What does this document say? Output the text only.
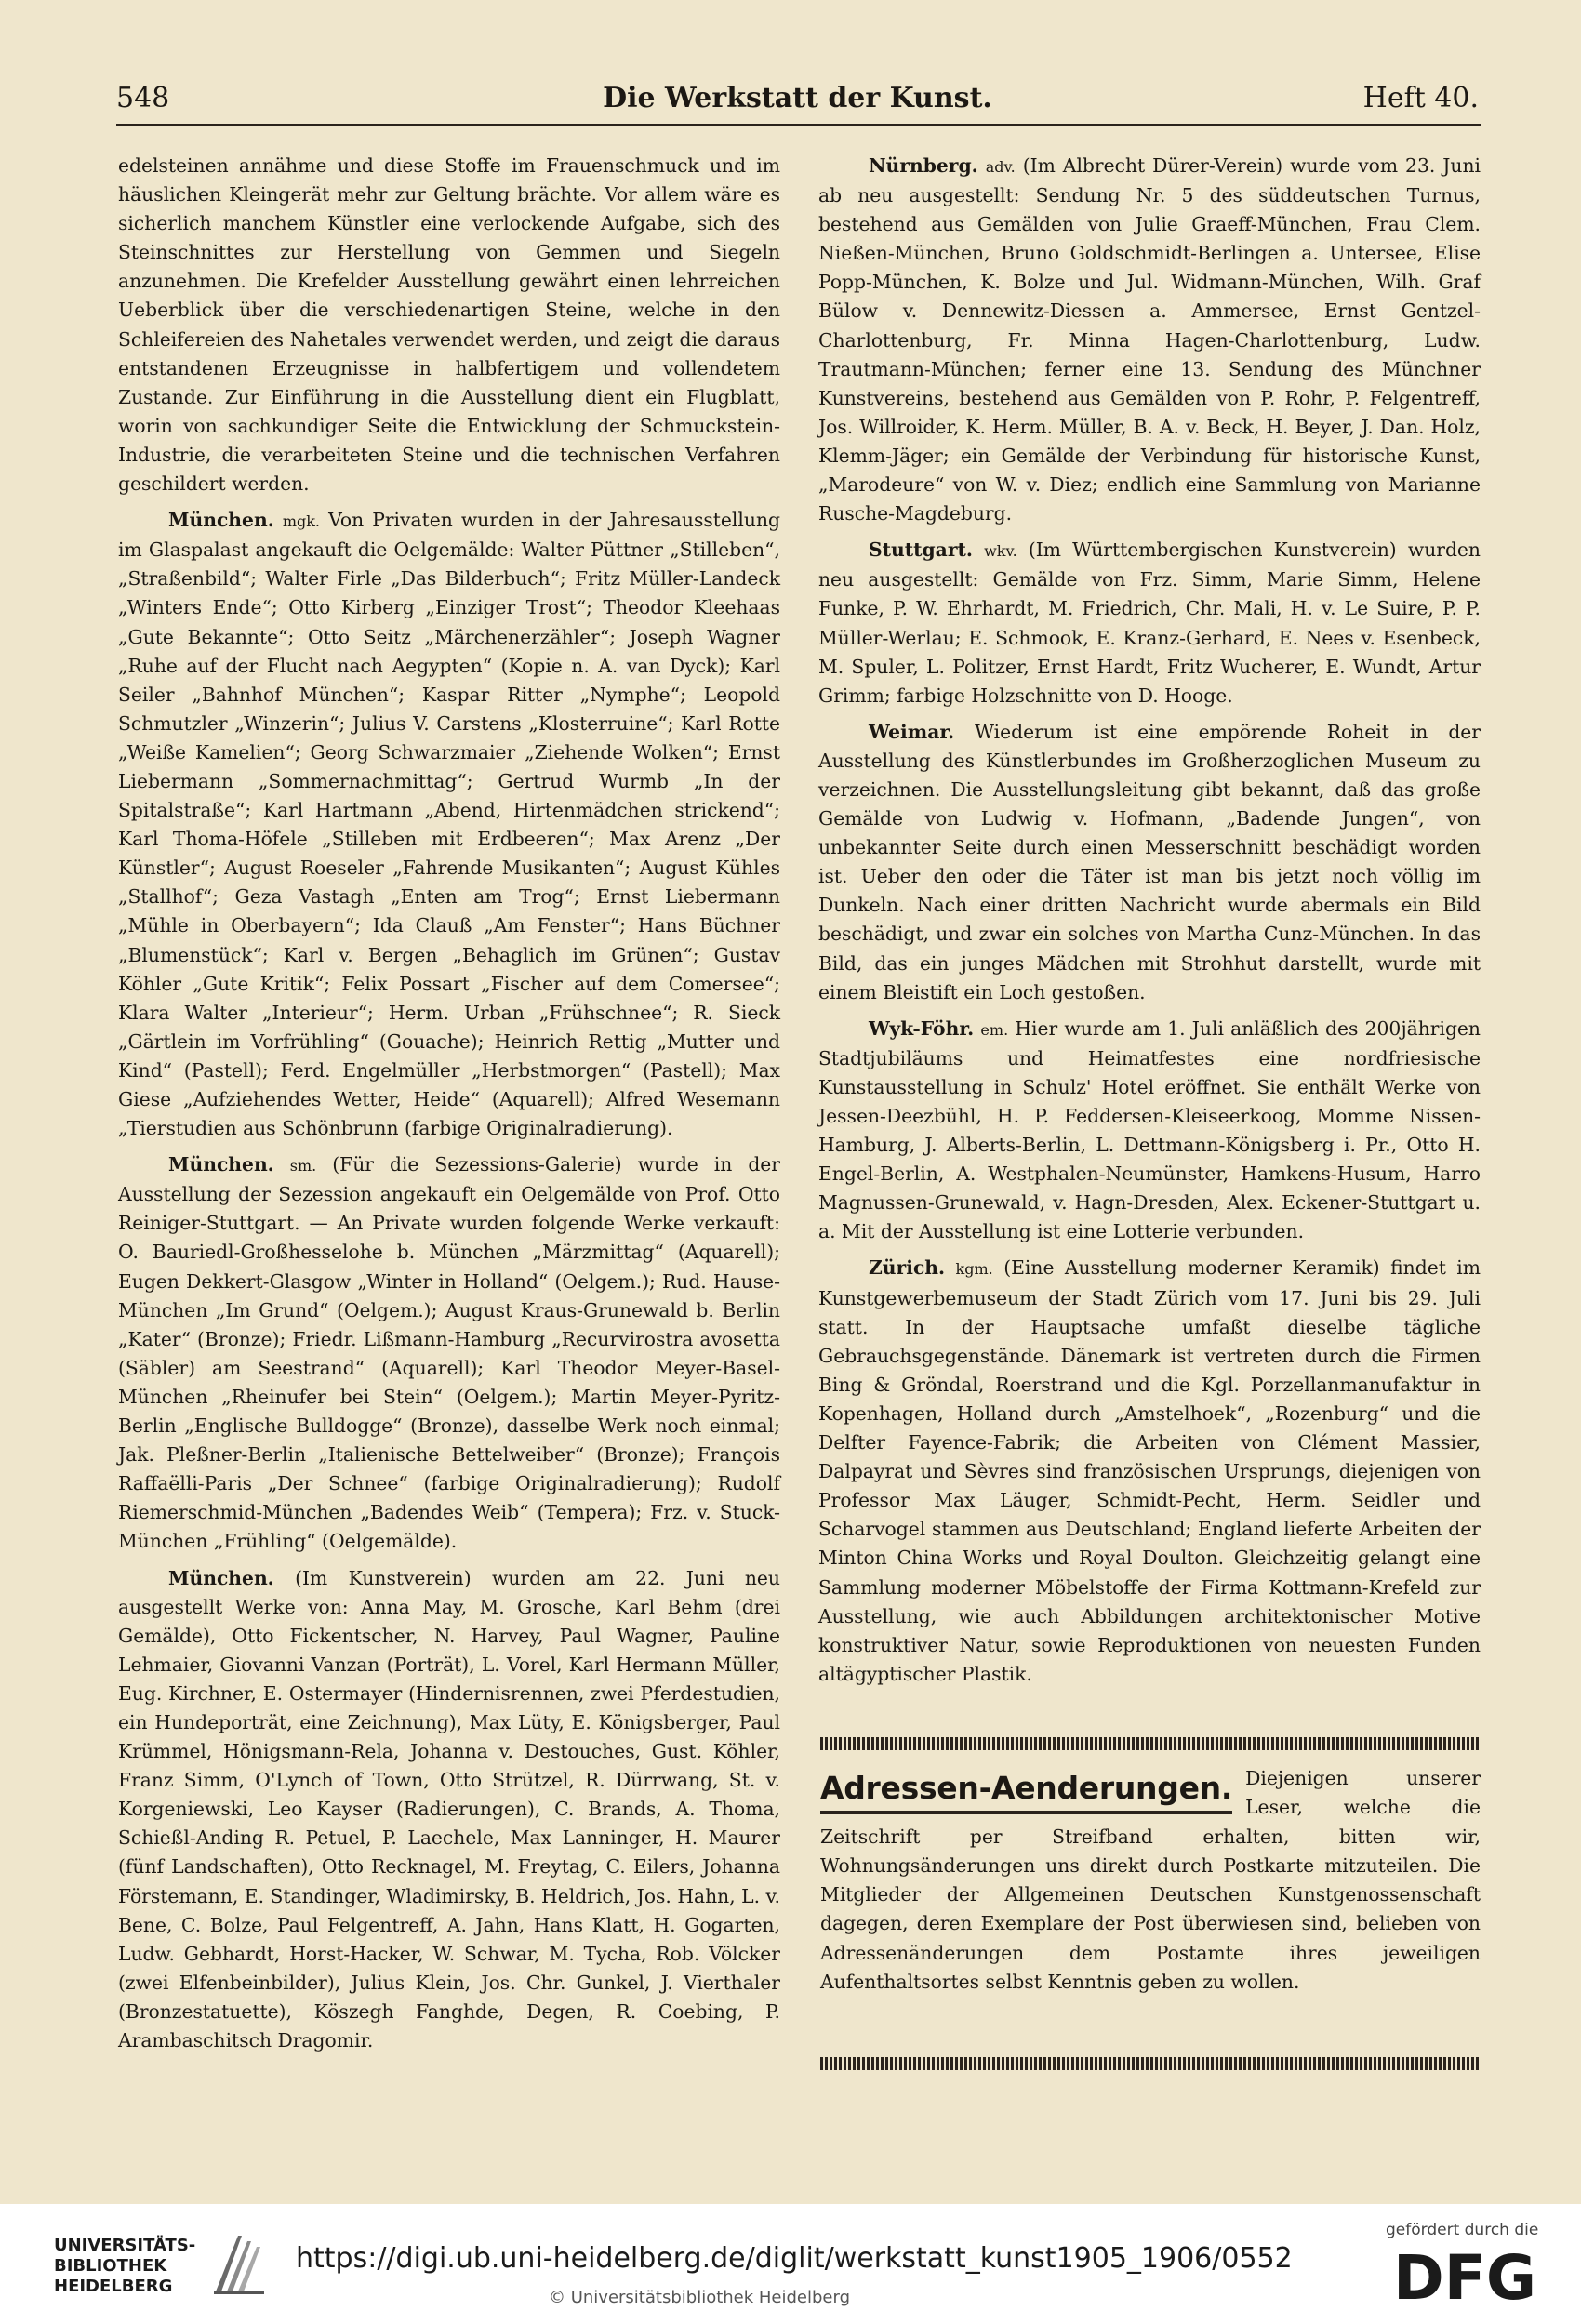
548	Die Werkstatt der Kunst.	Heft 40.

edelsteinen annähme und diese Stoffe im Frauenschmuck und im häuslichen Kleingerät mehr zur Geltung brächte. Vor allem wäre es sicherlich manchem Künstler eine verlockende Aufgabe, sich des Steinschnittes zur Herstellung von Gemmen und Siegeln anzunehmen. Die Krefelder Ausstellung gewährt einen lehrreichen Ueberblick über die verschiedenartigen Steine, welche in den Schleifereien des Nahetales verwendet werden, und zeigt die daraus entstandenen Erzeugnisse in halbfertigem und vollendetem Zustande. Zur Einführung in die Ausstellung dient ein Flugblatt, worin von sachkundiger Seite die Entwicklung der Schmuckstein-Industrie, die verarbeiteten Steine und die technischen Verfahren geschildert werden.

München. mgk. Von Privaten wurden in der Jahresausstellung im Glaspalast angekauft die Oelgemälde: Walter Püttner „Stilleben“, „Straßenbild“; Walter Firle „Das Bilderbuch“; Fritz Müller-Landeck „Winters Ende“; Otto Kirberg „Einziger Trost“; Theodor Kleehaas „Gute Bekannte“; Otto Seitz „Märchenerzähler“; Joseph Wagner „Ruhe auf der Flucht nach Aegypten“ (Kopie n. A. van Dyck); Karl Seiler „Bahnhof München“; Kaspar Ritter „Nymphe“; Leopold Schmutzler „Winzerin“; Julius V. Carstens „Klosterruine“; Karl Rotte „Weiße Kamelien“; Georg Schwarzmaier „Ziehende Wolken“; Ernst Liebermann „Sommernachmittag“; Gertrud Wurmb „In der Spitalstraße“; Karl Hartmann „Abend, Hirtenmädchen strickend“; Karl Thoma-Höfele „Stilleben mit Erdbeeren“; Max Arenz „Der Künstler“; August Roeseler „Fahrende Musikanten“; August Kühles „Stallhof“; Geza Vastagh „Enten am Trog“; Ernst Liebermann „Mühle in Oberbayern“; Ida Clauß „Am Fenster“; Hans Büchner „Blumenstück“; Karl v. Bergen „Behaglich im Grünen“; Gustav Köhler „Gute Kritik“; Felix Possart „Fischer auf dem Comersee“; Klara Walter „Interieur“; Herm. Urban „Frühschnee“; R. Sieck „Gärtlein im Vorfrühling“ (Gouache); Heinrich Rettig „Mutter und Kind“ (Pastell); Ferd. Engelmüller „Herbstmorgen“ (Pastell); Max Giese „Aufziehendes Wetter, Heide“ (Aquarell); Alfred Wesemann „Tierstudien aus Schönbrunn (farbige Originalradierung).

München. sm. (Für die Sezessions-Galerie) wurde in der Ausstellung der Sezession angekauft ein Oelgemälde von Prof. Otto Reiniger-Stuttgart. — An Private wurden folgende Werke verkauft: O. Bauriedl-Großhesselohe b. München „Märzmittag“ (Aquarell); Eugen Dekkert-Glasgow „Winter in Holland“ (Oelgem.); Rud. Hause-München „Im Grund“ (Oelgem.); August Kraus-Grunewald b. Berlin „Kater“ (Bronze); Friedr. Lißmann-Hamburg „Recurvirostra avosetta (Säbler) am Seestrand“ (Aquarell); Karl Theodor Meyer-Basel-München „Rheinufer bei Stein“ (Oelgem.); Martin Meyer-Pyritz-Berlin „Englische Bulldogge“ (Bronze), dasselbe Werk noch einmal; Jak. Pleßner-Berlin „Italienische Bettelweiber“ (Bronze); François Raffaëlli-Paris „Der Schnee“ (farbige Originalradierung); Rudolf Riemerschmid-München „Badendes Weib“ (Tempera); Frz. v. Stuck-München „Frühling“ (Oelgemälde).

München. (Im Kunstverein) wurden am 22. Juni neu ausgestellt Werke von: Anna May, M. Grosche, Karl Behm (drei Gemälde), Otto Fickentscher, N. Harvey, Paul Wagner, Pauline Lehmaier, Giovanni Vanzan (Porträt), L. Vorel, Karl Hermann Müller, Eug. Kirchner, E. Ostermayer (Hindernisrennen, zwei Pferdestudien, ein Hundeporträt, eine Zeichnung), Max Lüty, E. Königsberger, Paul Krümmel, Hönigsmann-Rela, Johanna v. Destouches, Gust. Köhler, Franz Simm, O'Lynch of Town, Otto Strützel, R. Dürrwang, St. v. Korgeniewski, Leo Kayser (Radierungen), C. Brands, A. Thoma, Schießl-Anding R. Petuel, P. Laechele, Max Lanninger, H. Maurer (fünf Landschaften), Otto Recknagel, M. Freytag, C. Eilers, Johanna Förstemann, E. Standinger, Wladimirsky, B. Heldrich, Jos. Hahn, L. v. Bene, C. Bolze, Paul Felgentreff, A. Jahn, Hans Klatt, H. Gogarten, Ludw. Gebhardt, Horst-Hacker, W. Schwar, M. Tycha, Rob. Völcker (zwei Elfenbeinbilder), Julius Klein, Jos. Chr. Gunkel, J. Vierthaler (Bronzestatuette), Köszegh Fanghde, Degen, R. Coebing, P. Arambaschitsch Dragomir.

Nürnberg. adv. (Im Albrecht Dürer-Verein) wurde vom 23. Juni ab neu ausgestellt: Sendung Nr. 5 des süddeutschen Turnus, bestehend aus Gemälden von Julie Graeff-München, Frau Clem. Nießen-München, Bruno Goldschmidt-Berlingen a. Untersee, Elise Popp-München, K. Bolze und Jul. Widmann-München, Wilh. Graf Bülow v. Dennewitz-Diessen a. Ammersee, Ernst Gentzel-Charlottenburg, Fr. Minna Hagen-Charlottenburg, Ludw. Trautmann-München; ferner eine 13. Sendung des Münchner Kunstvereins, bestehend aus Gemälden von P. Rohr, P. Felgentreff, Jos. Willroider, K. Herm. Müller, B. A. v. Beck, H. Beyer, J. Dan. Holz, Klemm-Jäger; ein Gemälde der Verbindung für historische Kunst, „Marodeure“ von W. v. Diez; endlich eine Sammlung von Marianne Rusche-Magdeburg.

Stuttgart. wkv. (Im Württembergischen Kunstverein) wurden neu ausgestellt: Gemälde von Frz. Simm, Marie Simm, Helene Funke, P. W. Ehrhardt, M. Friedrich, Chr. Mali, H. v. Le Suire, P. P. Müller-Werlau; E. Schmook, E. Kranz-Gerhard, E. Nees v. Esenbeck, M. Spuler, L. Politzer, Ernst Hardt, Fritz Wucherer, E. Wundt, Artur Grimm; farbige Holzschnitte von D. Hooge.

Weimar. Wiederum ist eine empörende Roheit in der Ausstellung des Künstlerbundes im Großherzoglichen Museum zu verzeichnen. Die Ausstellungsleitung gibt bekannt, daß das große Gemälde von Ludwig v. Hofmann, „Badende Jungen“, von unbekannter Seite durch einen Messerschnitt beschädigt worden ist. Ueber den oder die Täter ist man bis jetzt noch völlig im Dunkeln. Nach einer dritten Nachricht wurde abermals ein Bild beschädigt, und zwar ein solches von Martha Cunz-München. In das Bild, das ein junges Mädchen mit Strohhut darstellt, wurde mit einem Bleistift ein Loch gestoßen.

Wyk-Föhr. em. Hier wurde am 1. Juli anläßlich des 200jährigen Stadtjubiläums und Heimatfestes eine nordfriesische Kunstausstellung in Schulz' Hotel eröffnet. Sie enthält Werke von Jessen-Deezbühl, H. P. Feddersen-Kleiseerkoog, Momme Nissen-Hamburg, J. Alberts-Berlin, L. Dettmann-Königsberg i. Pr., Otto H. Engel-Berlin, A. Westphalen-Neumünster, Hamkens-Husum, Harro Magnussen-Grunewald, v. Hagn-Dresden, Alex. Eckener-Stuttgart u. a. Mit der Ausstellung ist eine Lotterie verbunden.

Zürich. kgm. (Eine Ausstellung moderner Keramik) findet im Kunstgewerbemuseum der Stadt Zürich vom 17. Juni bis 29. Juli statt. In der Hauptsache umfaßt dieselbe tägliche Gebrauchsgegenstände. Dänemark ist vertreten durch die Firmen Bing & Gröndal, Roerstrand und die Kgl. Porzellanmanufaktur in Kopenhagen, Holland durch „Amstelhoek“, „Rozenburg“ und die Delfter Fayence-Fabrik; die Arbeiten von Clément Massier, Dalpayrat und Sèvres sind französischen Ursprungs, diejenigen von Professor Max Läuger, Schmidt-Pecht, Herm. Seidler und Scharvogel stammen aus Deutschland; England lieferte Arbeiten der Minton China Works und Royal Doulton. Gleichzeitig gelangt eine Sammlung moderner Möbelstoffe der Firma Kottmann-Krefeld zur Ausstellung, wie auch Abbildungen architektonischer Motive konstruktiver Natur, sowie Reproduktionen von neuesten Funden altägyptischer Plastik.

Adressen-Aenderungen. Diejenigen unserer Leser, welche die Zeitschrift per Streifband erhalten, bitten wir, Wohnungsänderungen uns direkt durch Postkarte mitzuteilen. Die Mitglieder der Allgemeinen Deutschen Kunstgenossenschaft dagegen, deren Exemplare der Post überwiesen sind, belieben von Adressenänderungen dem Postamte ihres jeweiligen Aufenthaltsortes selbst Kenntnis geben zu wollen.
UNIVERSITÄTS-
BIBLIOTHEK
HEIDELBERG
https://digi.ub.uni-heidelberg.de/diglit/werkstatt_kunst1905_1906/0552
© Universitätsbibliothek Heidelberg
gefördert durch die
DFG
